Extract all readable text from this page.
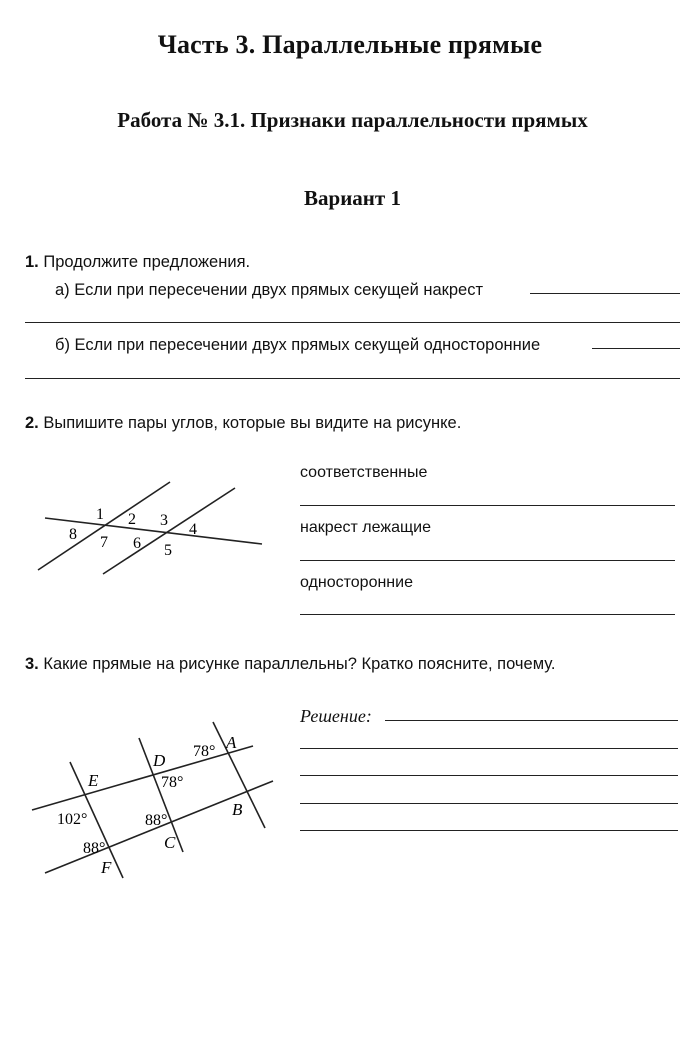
Часть 3. Параллельные прямые
Работа № 3.1. Признаки параллельности прямых
Вариант 1
1. Продолжите предложения.
а) Если при пересечении двух прямых секущей накрест
б) Если при пересечении двух прямых секущей односторонние
2. Выпишите пары углов, которые вы видите на рисунке.
1 2 3
4
5
6
7
8
соответственные
накрест лежащие
односторонние
3. Какие прямые на рисунке параллельны? Кратко поясните, почему.
E
D
A
B
C
F
78°
78°
102°	88°
88°
Решение:
